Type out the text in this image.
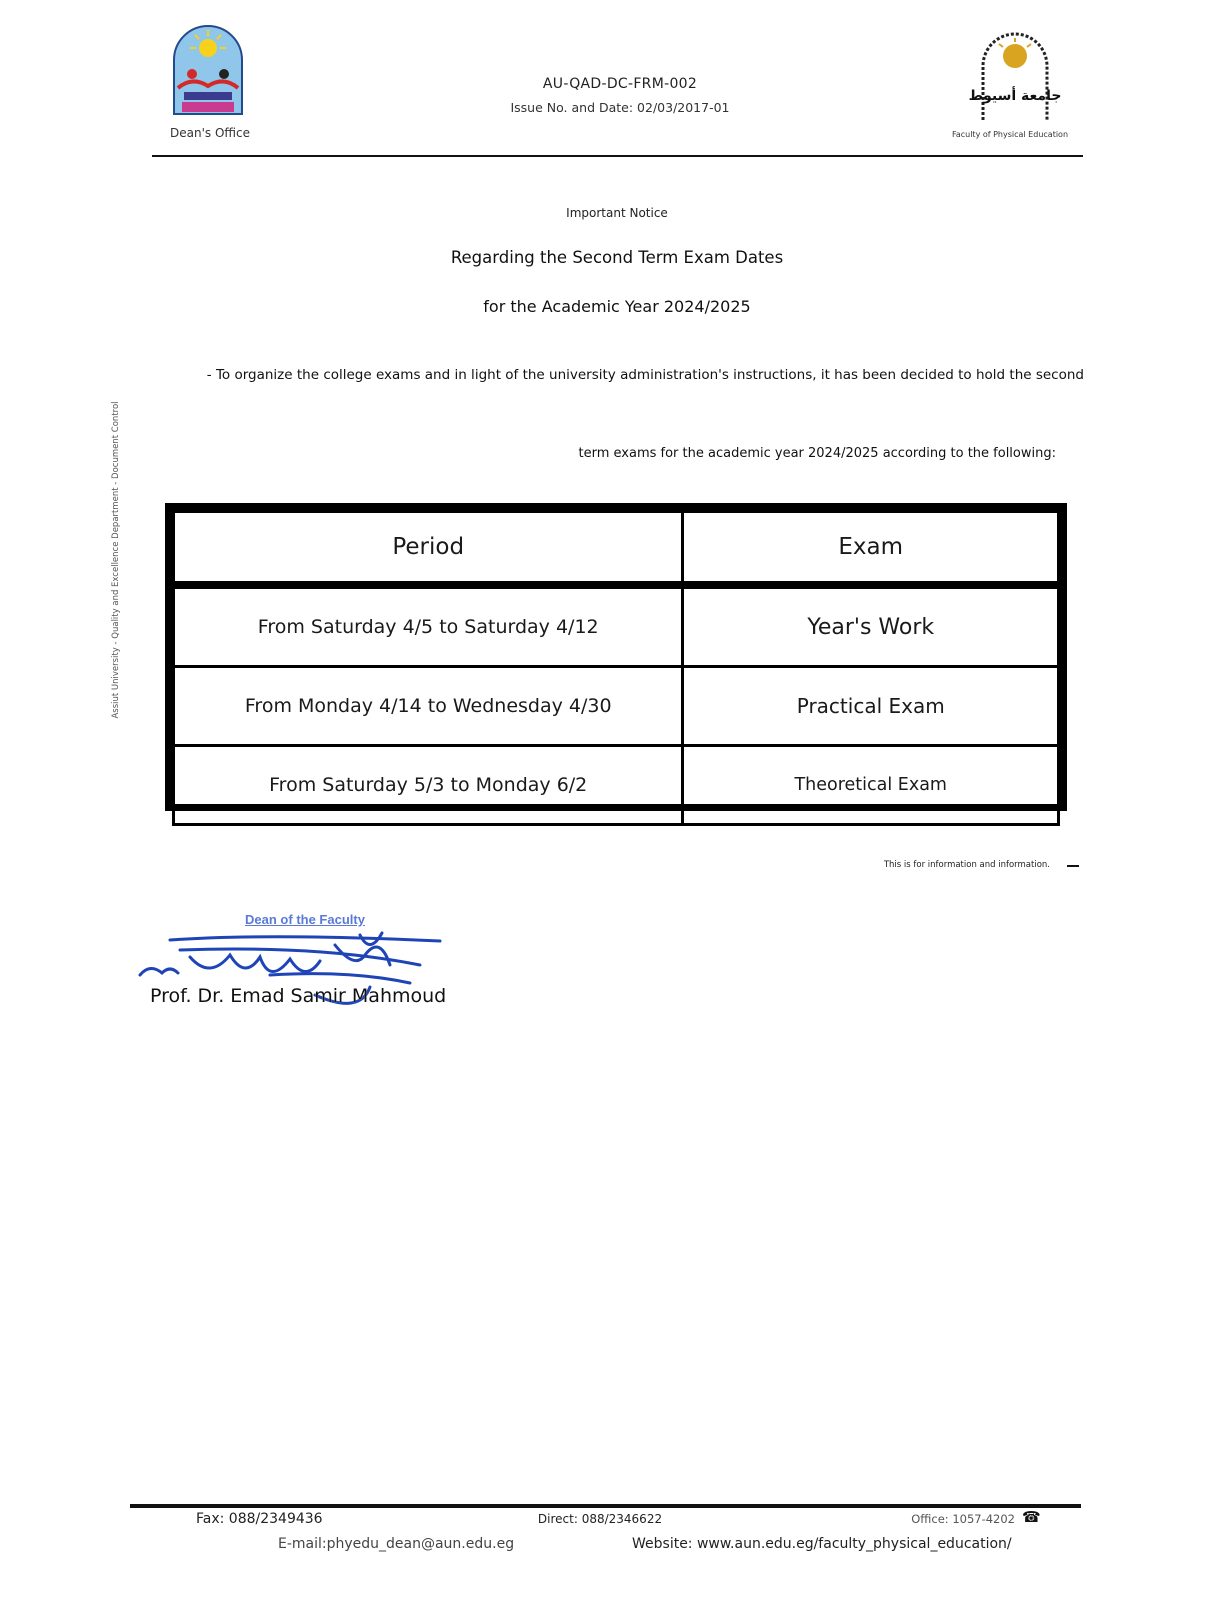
جامعة أسيوط
Dean's Office	Faculty of Physical Education
AU-QAD-DC-FRM-002
Issue No. and Date: 02/03/2017-01
Assiut University - Quality and Excellence Department - Document Control
Important Notice
Regarding the Second Term Exam Dates
for the Academic Year 2024/2025
- To organize the college exams and in light of the university administration's instructions, it has been decided to hold the second
term exams for the academic year 2024/2025 according to the following:
Period	Exam
From Saturday 4/5 to Saturday 4/12	Year's Work
From Monday 4/14 to Wednesday 4/30	Practical Exam
From Saturday 5/3 to Monday 6/2	Theoretical Exam
This is for information and information.
Dean of the Faculty
Prof. Dr. Emad Samir Mahmoud
Fax: 088/2349436	Direct: 088/2346622	Office: 1057-4202 ☎
E-mail:phyedu_dean@aun.edu.eg	Website: www.aun.edu.eg/faculty_physical_education/
